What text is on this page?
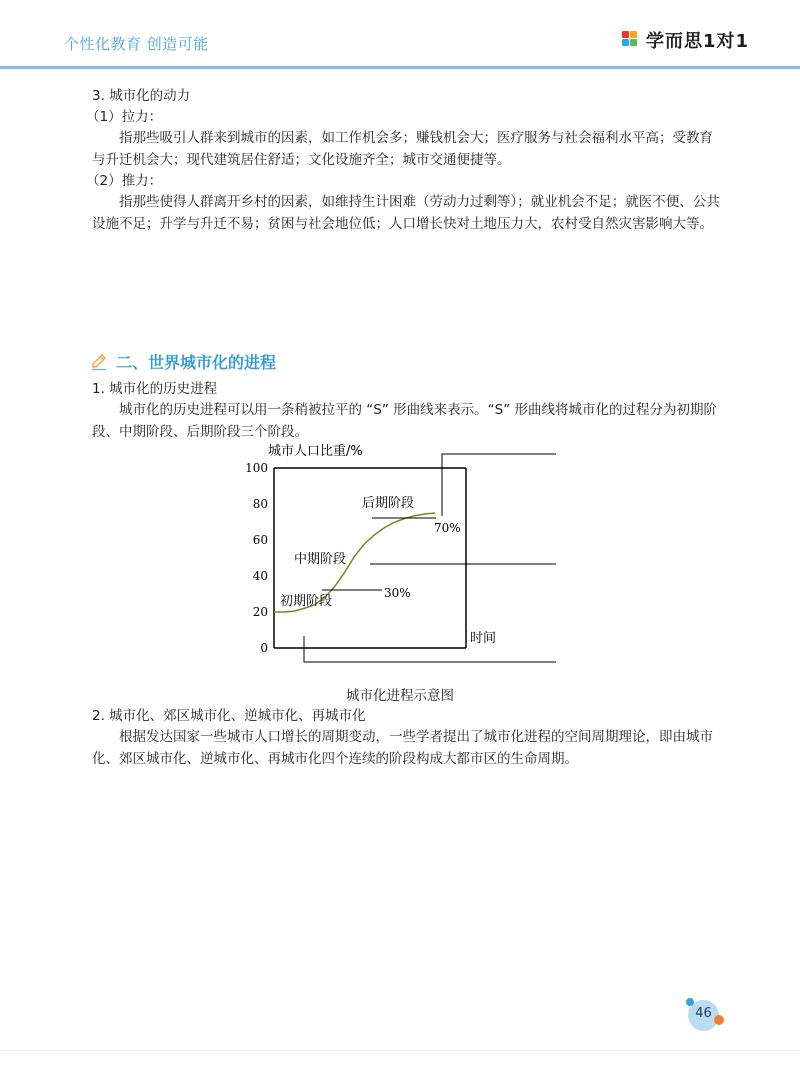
个性化教育 创造可能	学而思1对1
3. 城市化的动力
（1）拉力：
指那些吸引人群来到城市的因素，如工作机会多；赚钱机会大；医疗服务与社会福利水平高；受教育与升迁机会大；现代建筑居住舒适；文化设施齐全；城市交通便捷等。
（2）推力：
指那些使得人群离开乡村的因素，如维持生计困难（劳动力过剩等）；就业机会不足；就医不便、公共设施不足；升学与升迁不易；贫困与社会地位低；人口增长快对土地压力大，农村受自然灾害影响大等。
二、世界城市化的进程
1. 城市化的历史进程
城市化的历史进程可以用一条稍被拉平的 “S” 形曲线来表示。“S” 形曲线将城市化的过程分为初期阶段、中期阶段、后期阶段三个阶段。
城市人口比重/%
0
20
40
60
80
100
时间
30%
70%
初期阶段
中期阶段
后期阶段
城市化进程示意图
2. 城市化、郊区城市化、逆城市化、再城市化
根据发达国家一些城市人口增长的周期变动，一些学者提出了城市化进程的空间周期理论，即由城市化、郊区城市化、逆城市化、再城市化四个连续的阶段构成大都市区的生命周期。
46
